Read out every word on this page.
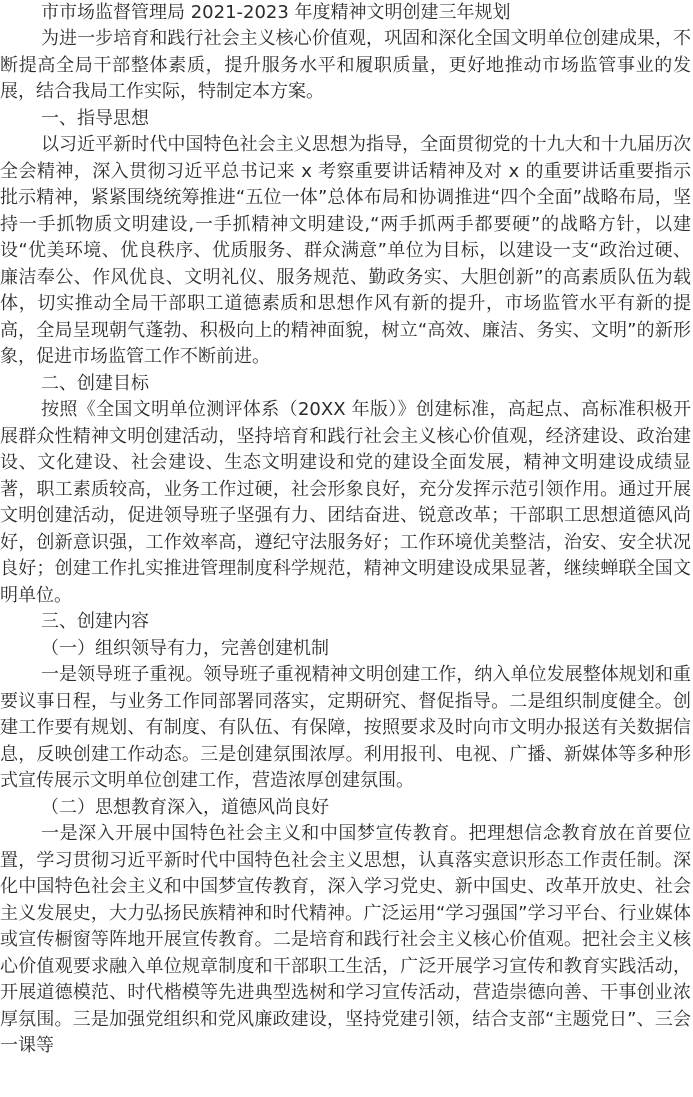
市市场监督管理局 2021-2023 年度精神文明创建三年规划

为进一步培育和践行社会主义核心价值观，巩固和深化全国文明单位创建成果，不断提高全局干部整体素质，提升服务水平和履职质量，更好地推动市场监管事业的发展，结合我局工作实际，特制定本方案。

一、指导思想

以习近平新时代中国特色社会主义思想为指导，全面贯彻党的十九大和十九届历次全会精神，深入贯彻习近平总书记来 x 考察重要讲话精神及对 x 的重要讲话重要指示批示精神，紧紧围绕统筹推进“五位一体”总体布局和协调推进“四个全面”战略布局，坚持一手抓物质文明建设,一手抓精神文明建设,“两手抓两手都要硬”的战略方针，以建设“优美环境、优良秩序、优质服务、群众满意”单位为目标，以建设一支“政治过硬、廉洁奉公、作风优良、文明礼仪、服务规范、勤政务实、大胆创新”的高素质队伍为载体，切实推动全局干部职工道德素质和思想作风有新的提升，市场监管水平有新的提高，全局呈现朝气蓬勃、积极向上的精神面貌，树立“高效、廉洁、务实、文明”的新形象，促进市场监管工作不断前进。

二、创建目标

按照《全国文明单位测评体系（20XX 年版）》创建标准，高起点、高标准积极开展群众性精神文明创建活动，坚持培育和践行社会主义核心价值观，经济建设、政治建设、文化建设、社会建设、生态文明建设和党的建设全面发展，精神文明建设成绩显著，职工素质较高，业务工作过硬，社会形象良好，充分发挥示范引领作用。通过开展文明创建活动，促进领导班子坚强有力、团结奋进、锐意改革；干部职工思想道德风尚好，创新意识强，工作效率高，遵纪守法服务好；工作环境优美整洁，治安、安全状况良好；创建工作扎实推进管理制度科学规范，精神文明建设成果显著，继续蝉联全国文明单位。

三、创建内容

（一）组织领导有力，完善创建机制

一是领导班子重视。领导班子重视精神文明创建工作，纳入单位发展整体规划和重要议事日程，与业务工作同部署同落实，定期研究、督促指导。二是组织制度健全。创建工作要有规划、有制度、有队伍、有保障，按照要求及时向市文明办报送有关数据信息，反映创建工作动态。三是创建氛围浓厚。利用报刊、电视、广播、新媒体等多种形式宣传展示文明单位创建工作，营造浓厚创建氛围。

（二）思想教育深入，道德风尚良好

一是深入开展中国特色社会主义和中国梦宣传教育。把理想信念教育放在首要位置，学习贯彻习近平新时代中国特色社会主义思想，认真落实意识形态工作责任制。深化中国特色社会主义和中国梦宣传教育，深入学习党史、新中国史、改革开放史、社会主义发展史，大力弘扬民族精神和时代精神。广泛运用“学习强国”学习平台、行业媒体或宣传橱窗等阵地开展宣传教育。二是培育和践行社会主义核心价值观。把社会主义核心价值观要求融入单位规章制度和干部职工生活，广泛开展学习宣传和教育实践活动，开展道德模范、时代楷模等先进典型选树和学习宣传活动，营造崇德向善、干事创业浓厚氛围。三是加强党组织和党风廉政建设，坚持党建引领，结合支部“主题党日”、三会一课等
